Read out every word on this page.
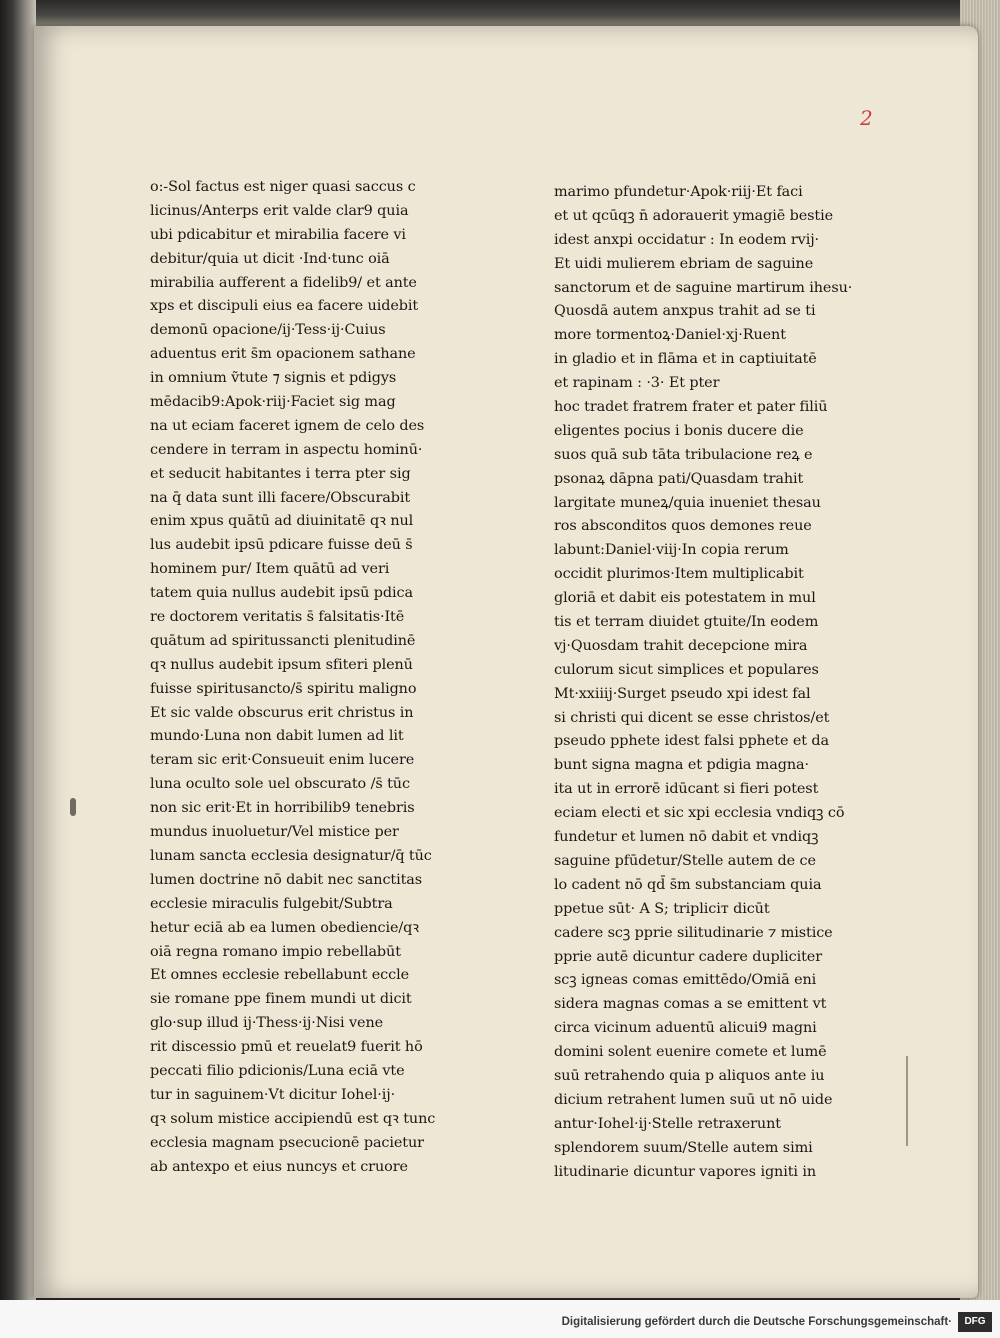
2
o:-Sol factus est niger quasi saccus c
licinus/Anterps erit valde clar9 quia
ubi pdicabitur et mirabilia facere vi
debitur/quia ut dicit ·Ind·tunc oiā
mirabilia aufferent a fidelib9/ et ante
xps et discipuli eius ea facere uidebit
demonū opacione/ij·Tess·ij·Cuius
aduentus erit s̄m opacionem sathane
in omnium ṽtute ⁊ signis et pdigys
mēdacib9:Apok·riij·Faciet sig mag
na ut eciam faceret ignem de celo des
cendere in terram in aspectu hominū·
et seducit habitantes i terra pter sig
na q̄ data sunt illi facere/Obscurabit
enim xpus quātū ad diuinitatē qꝛ nul
lus audebit ipsū pdicare fuisse deū s̄
hominem pur/ Item quātū ad veri
tatem quia nullus audebit ipsū pdica
re doctorem veritatis s̄ falsitatis·Itē
quātum ad spiritussancti plenitudinē
qꝛ nullus audebit ipsum sfiteri plenū
fuisse spiritusancto/s̄ spiritu maligno
Et sic valde obscurus erit christus in
mundo·Luna non dabit lumen ad lit
teram sic erit·Consueuit enim lucere
luna oculto sole uel obscurato /s̄ tūc
non sic erit·Et in horribilib9 tenebris
mundus inuoluetur/Vel mistice per
lunam sancta ecclesia designatur/q̄ tūc
lumen doctrine nō dabit nec sanctitas
ecclesie miraculis fulgebit/Subtra
hetur eciā ab ea lumen obediencie/qꝛ
oiā regna romano impio rebellabūt
Et omnes ecclesie rebellabunt eccle
sie romane ppe finem mundi ut dicit
glo·sup illud ij·Thess·ij·Nisi vene
rit discessio pmū et reuelat9 fuerit hō
peccati filio pdicionis/Luna eciā vte
tur in saguinem·Vt dicitur Iohel·ij·
qꝛ solum mistice accipiendū est qꝛ tunc
ecclesia magnam psecucionē pacietur
ab antexpo et eius nuncys et cruore
marimo pfundetur·Apok·riij·Et faci
et ut qcūqꝫ n̄ adorauerit ymagiē bestie
idest anxpi occidatur : In eodem rvij·
Et uidi mulierem ebriam de saguine
sanctorum et de saguine martirum ihesu·
Quosdā autem anxpus trahit ad se ti
more tormentoꝝ·Daniel·xj·Ruent
in gladio et in flāma et in captiuitatē
et rapinam : ·3· Et pter
hoc tradet fratrem frater et pater filiū
eligentes pocius i bonis ducere die
suos quā sub tāta tribulacione reꝝ e
psonaꝝ dāpna pati/Quasdam trahit
largitate muneꝝ/quia inueniet thesau
ros absconditos quos demones reue
labunt:Daniel·viij·In copia rerum
occidit plurimos·Item multiplicabit
gloriā et dabit eis potestatem in mul
tis et terram diuidet gtuite/In eodem
vj·Quosdam trahit decepcione mira
culorum sicut simplices et populares
Mt·xxiiij·Surget pseudo xpi idest fal
si christi qui dicent se esse christos/et
pseudo pphete idest falsi pphete et da
bunt signa magna et pdigia magna·
ita ut in errorē idūcant si fieri potest
eciam electi et sic xpi ecclesia vndiqꝫ cō
fundetur et lumen nō dabit et vndiqꝫ
saguine pfūdetur/Stelle autem de ce
lo cadent nō qd̄ s̄m substanciam quia
ppetue sūt· A S; tripliciт dicūt
cadere scꝫ pprie silitudinarie ⁊ mistice
pprie autē dicuntur cadere dupliciter
scꝫ igneas comas emittēdo/Omiā eni
sidera magnas comas a se emittent vt
circa vicinum aduentū alicui9 magni
domini solent euenire comete et lumē
suū retrahendo quia p aliquos ante iu
dicium retrahent lumen suū ut nō uide
antur·Iohel·ij·Stelle retraxerunt
splendorem suum/Stelle autem simi
litudinarie dicuntur vapores igniti in
Digitalisierung gefördert durch die Deutsche Forschungsgemeinschaft·	DFG
